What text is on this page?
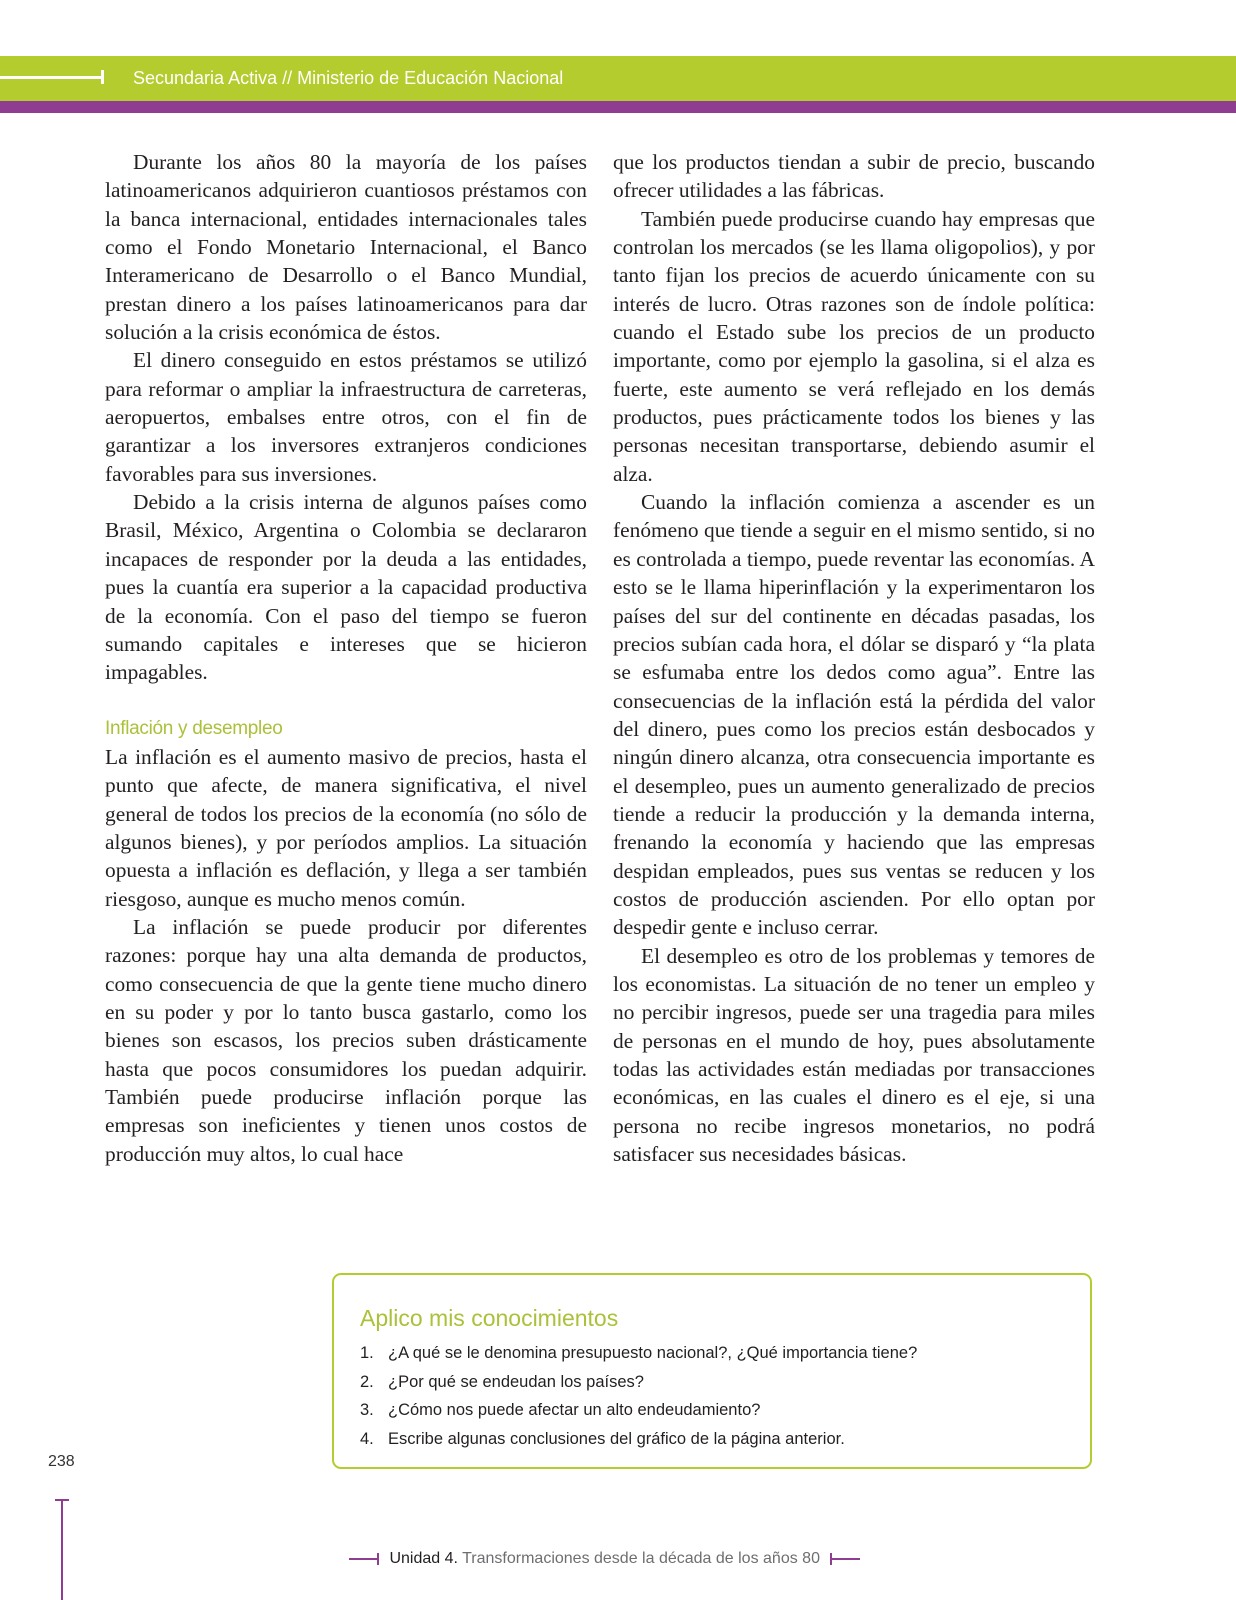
Secundaria Activa // Ministerio de Educación Nacional

Durante los años 80 la mayoría de los países latinoamericanos adquirieron cuantiosos préstamos con la banca internacional, entidades internacionales tales como el Fondo Monetario Internacional, el Banco Interamericano de Desarrollo o el Banco Mundial, prestan dinero a los países latinoamericanos para dar solución a la crisis económica de éstos.

El dinero conseguido en estos préstamos se utilizó para reformar o ampliar la infraestructura de carreteras, aeropuertos, embalses entre otros, con el fin de garantizar a los inversores extranjeros condiciones favorables para sus inversiones.

Debido a la crisis interna de algunos países como Brasil, México, Argentina o Colombia se declararon incapaces de responder por la deuda a las entidades, pues la cuantía era superior a la capacidad productiva de la economía. Con el paso del tiempo se fueron sumando capitales e intereses que se hicieron impagables.

Inflación y desempleo

La inflación es el aumento masivo de precios, hasta el punto que afecte, de manera significativa, el nivel general de todos los precios de la economía (no sólo de algunos bienes), y por períodos amplios. La situación opuesta a inflación es deflación, y llega a ser también riesgoso, aunque es mucho menos común.

La inflación se puede producir por diferentes razones: porque hay una alta demanda de productos, como consecuencia de que la gente tiene mucho dinero en su poder y por lo tanto busca gastarlo, como los bienes son escasos, los precios suben drásticamente hasta que pocos consumidores los puedan adquirir. También puede producirse inflación porque las empresas son ineficientes y tienen unos costos de producción muy altos, lo cual hace

que los productos tiendan a subir de precio, buscando ofrecer utilidades a las fábricas.

También puede producirse cuando hay empresas que controlan los mercados (se les llama oligopolios), y por tanto fijan los precios de acuerdo únicamente con su interés de lucro. Otras razones son de índole política: cuando el Estado sube los precios de un producto importante, como por ejemplo la gasolina, si el alza es fuerte, este aumento se verá reflejado en los demás productos, pues prácticamente todos los bienes y las personas necesitan transportarse, debiendo asumir el alza.

Cuando la inflación comienza a ascender es un fenómeno que tiende a seguir en el mismo sentido, si no es controlada a tiempo, puede reventar las economías. A esto se le llama hiperinflación y la experimentaron los países del sur del continente en décadas pasadas, los precios subían cada hora, el dólar se disparó y “la plata se esfumaba entre los dedos como agua”. Entre las consecuencias de la inflación está la pérdida del valor del dinero, pues como los precios están desbocados y ningún dinero alcanza, otra consecuencia importante es el desempleo, pues un aumento generalizado de precios tiende a reducir la producción y la demanda interna, frenando la economía y haciendo que las empresas despidan empleados, pues sus ventas se reducen y los costos de producción ascienden. Por ello optan por despedir gente e incluso cerrar.

El desempleo es otro de los problemas y temores de los economistas. La situación de no tener un empleo y no percibir ingresos, puede ser una tragedia para miles de personas en el mundo de hoy, pues absolutamente todas las actividades están mediadas por transacciones económicas, en las cuales el dinero es el eje, si una persona no recibe ingresos monetarios, no podrá satisfacer sus necesidades básicas.

Aplico mis conocimientos
1. ¿A qué se le denomina presupuesto nacional?, ¿Qué importancia tiene?
2. ¿Por qué se endeudan los países?
3. ¿Cómo nos puede afectar un alto endeudamiento?
4. Escribe algunas conclusiones del gráfico de la página anterior.
238
Unidad 4. Transformaciones desde la década de los años 80
